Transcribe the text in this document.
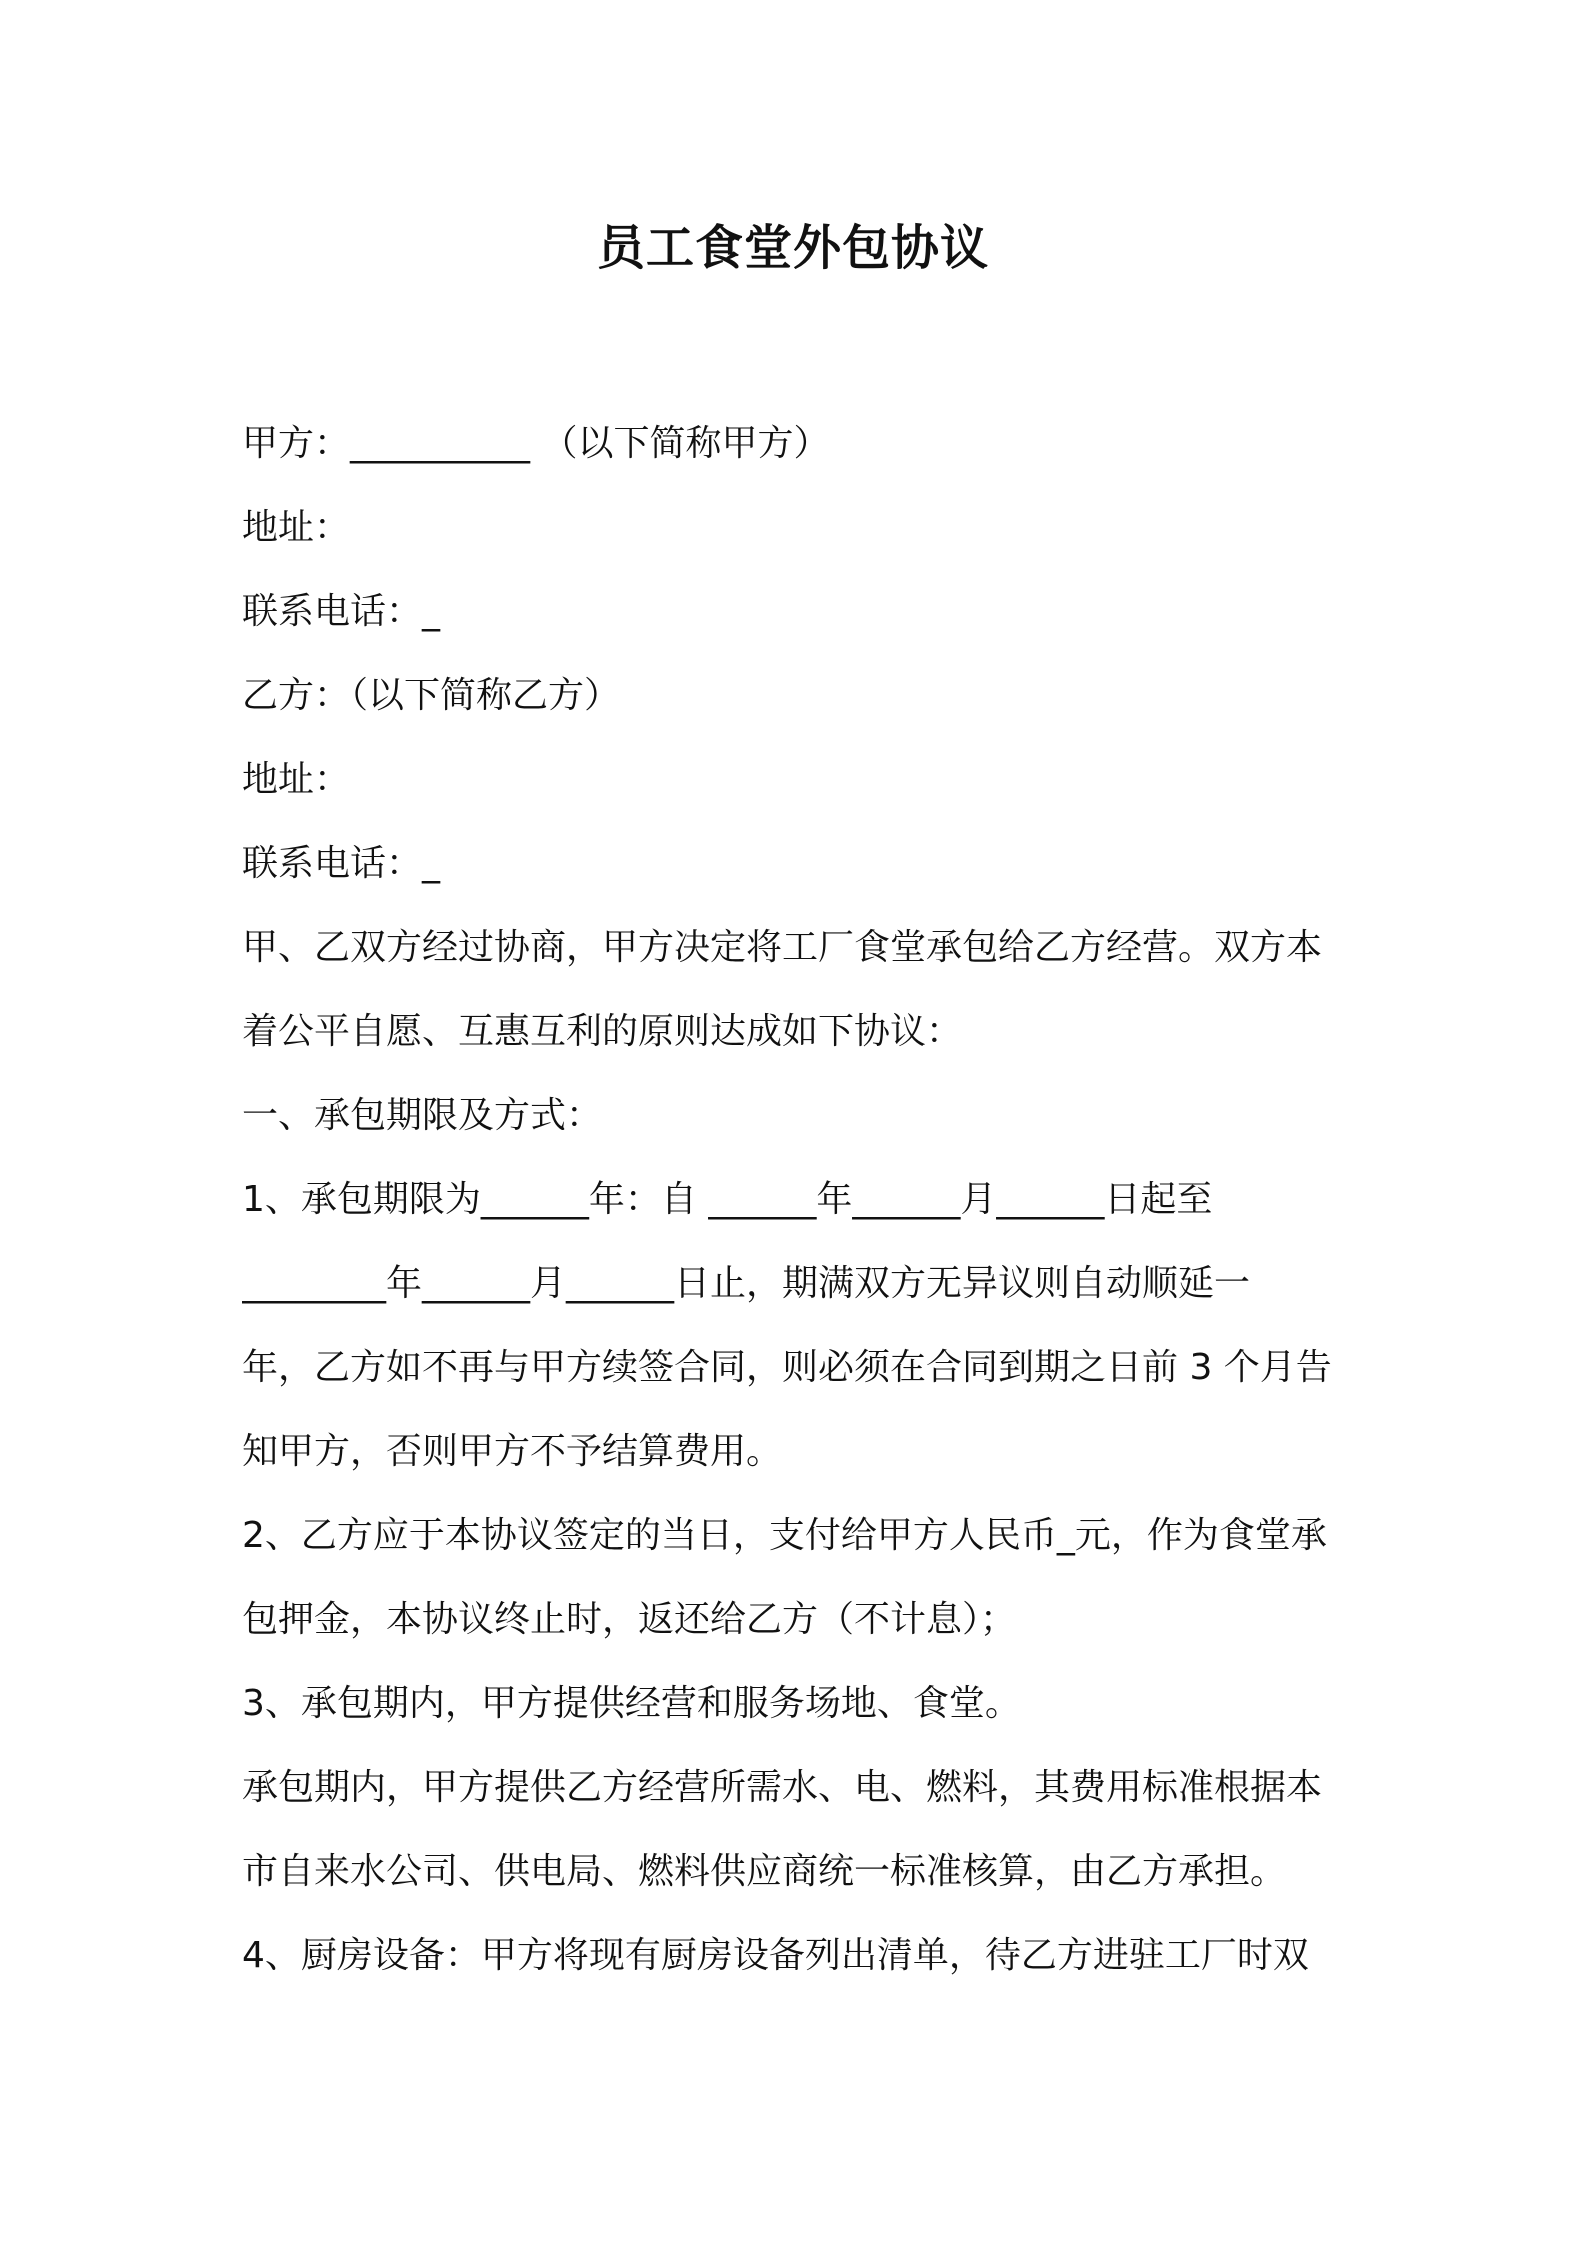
员工食堂外包协议
甲方：__________ （以下简称甲方）
地址：
联系电话：_
乙方：（以下简称乙方）
地址：
联系电话：_
甲、乙双方经过协商，甲方决定将工厂食堂承包给乙方经营。双方本
着公平自愿、互惠互利的原则达成如下协议：
一、承包期限及方式：
1、承包期限为______年：自 ______年______月______日起至
________年______月______日止，期满双方无异议则自动顺延一
年，乙方如不再与甲方续签合同，则必须在合同到期之日前 3 个月告
知甲方，否则甲方不予结算费用。
2、乙方应于本协议签定的当日，支付给甲方人民币_元，作为食堂承
包押金，本协议终止时，返还给乙方（不计息）；
3、承包期内，甲方提供经营和服务场地、食堂。
承包期内，甲方提供乙方经营所需水、电、燃料，其费用标准根据本
市自来水公司、供电局、燃料供应商统一标准核算，由乙方承担。
4、厨房设备：甲方将现有厨房设备列出清单，待乙方进驻工厂时双
